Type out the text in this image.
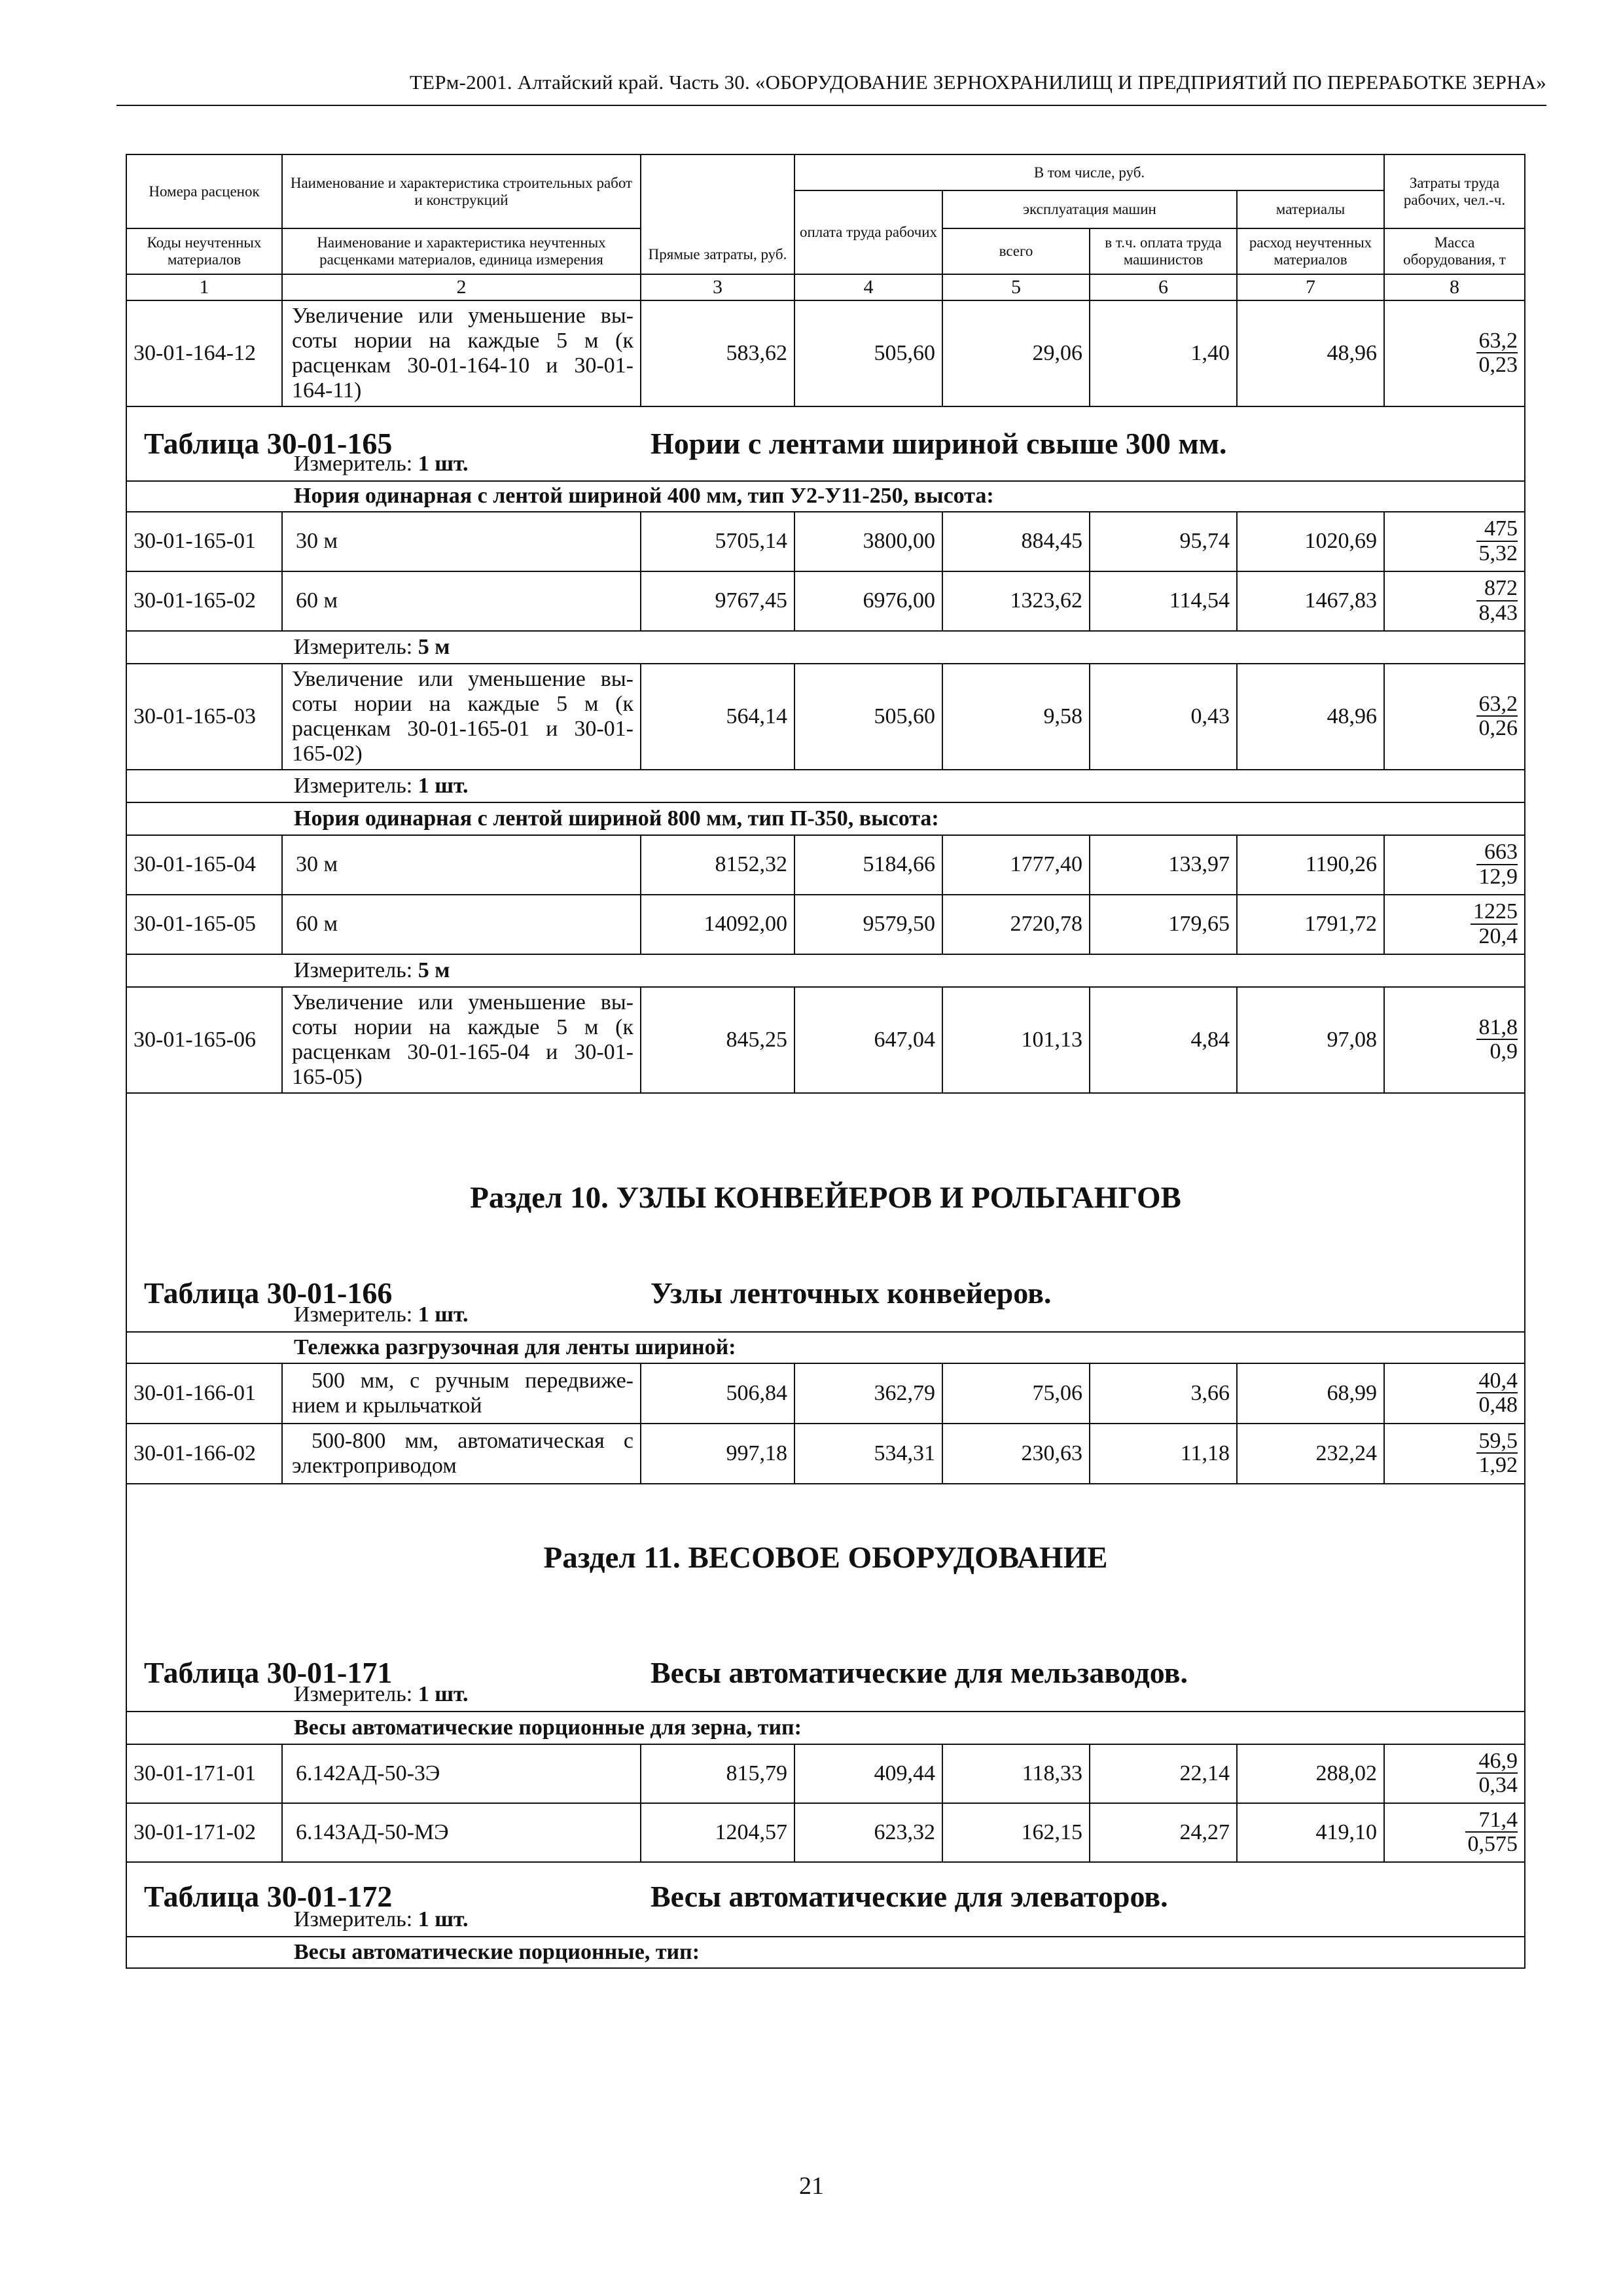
ТЕРм-2001. Алтайский край. Часть 30. «ОБОРУДОВАНИЕ ЗЕРНОХРАНИЛИЩ И ПРЕДПРИЯТИЙ ПО ПЕРЕРАБОТКЕ ЗЕРНА»
Номера расценок	Наименование и характеристика строительных работ и конструкций	Прямые затраты, руб.	В том числе, руб.				Затраты труда рабочих, чел.-ч.
			оплата труда рабочих	эксплуатация машин		материалы	
Коды неучтенных материалов	Наименование и характеристика неучтенных расценками материалов, единица измерения			всего	в т.ч. оплата труда машинистов	расход неучтенных материалов	Масса оборудования, т
1	2	3	4	5	6	7	8
30-01-164-12	Увеличение или уменьшение вы-соты нории на каждые 5 м (к расценкам 30-01-164-10 и 30-01-164-11)	583,62	505,60	29,06	1,40	48,96	$\frac{63,2}{0,23}$

Таблица 30-01-165 Нории с лентами шириной свыше 300 мм.
Измеритель: 1 шт.							

Нория одинарная с лентой шириной 400 мм, тип У2-У11-250, высота:							
30-01-165-01	30 м	5705,14	3800,00	884,45	95,74	1020,69	$\frac{475}{5,32}$

30-01-165-02	60 м	9767,45	6976,00	1323,62	114,54	1467,83	$\frac{872}{8,43}$

Измеритель: 5 м							
30-01-165-03	Увеличение или уменьшение вы-соты нории на каждые 5 м (к расценкам 30-01-165-01 и 30-01-165-02)	564,14	505,60	9,58	0,43	48,96	$\frac{63,2}{0,26}$

Измеритель: 1 шт.							
Нория одинарная с лентой шириной 800 мм, тип П-350, высота:							
30-01-165-04	30 м	8152,32	5184,66	1777,40	133,97	1190,26	$\frac{663}{12,9}$

30-01-165-05	60 м	14092,00	9579,50	2720,78	179,65	1791,72	$\frac{1225}{20,4}$

Измеритель: 5 м							
30-01-165-06	Увеличение или уменьшение вы-соты нории на каждые 5 м (к расценкам 30-01-165-04 и 30-01-165-05)	845,25	647,04	101,13	4,84	97,08	$\frac{81,8}{0,9}$

Раздел 10. УЗЛЫ КОНВЕЙЕРОВ И РОЛЬГАНГОВ							

Таблица 30-01-166 Узлы ленточных конвейеров.
Измеритель: 1 шт.							

Тележка разгрузочная для ленты шириной:							
30-01-166-01	500 мм, с ручным передвиже-нием и крыльчаткой	506,84	362,79	75,06	3,66	68,99	$\frac{40,4}{0,48}$

30-01-166-02	500-800 мм, автоматическая с электроприводом	997,18	534,31	230,63	11,18	232,24	$\frac{59,5}{1,92}$

Раздел 11. ВЕСОВОЕ ОБОРУДОВАНИЕ							

Таблица 30-01-171 Весы автоматические для мельзаводов.
Измеритель: 1 шт.							

Весы автоматические порционные для зерна, тип:							
30-01-171-01	6.142АД-50-3Э	815,79	409,44	118,33	22,14	288,02	$\frac{46,9}{0,34}$

30-01-171-02	6.143АД-50-МЭ	1204,57	623,32	162,15	24,27	419,10	$\frac{71,4}{0,575}$

Таблица 30-01-172 Весы автоматические для элеваторов.
Измеритель: 1 шт.							

Весы автоматические порционные, тип:							
21
